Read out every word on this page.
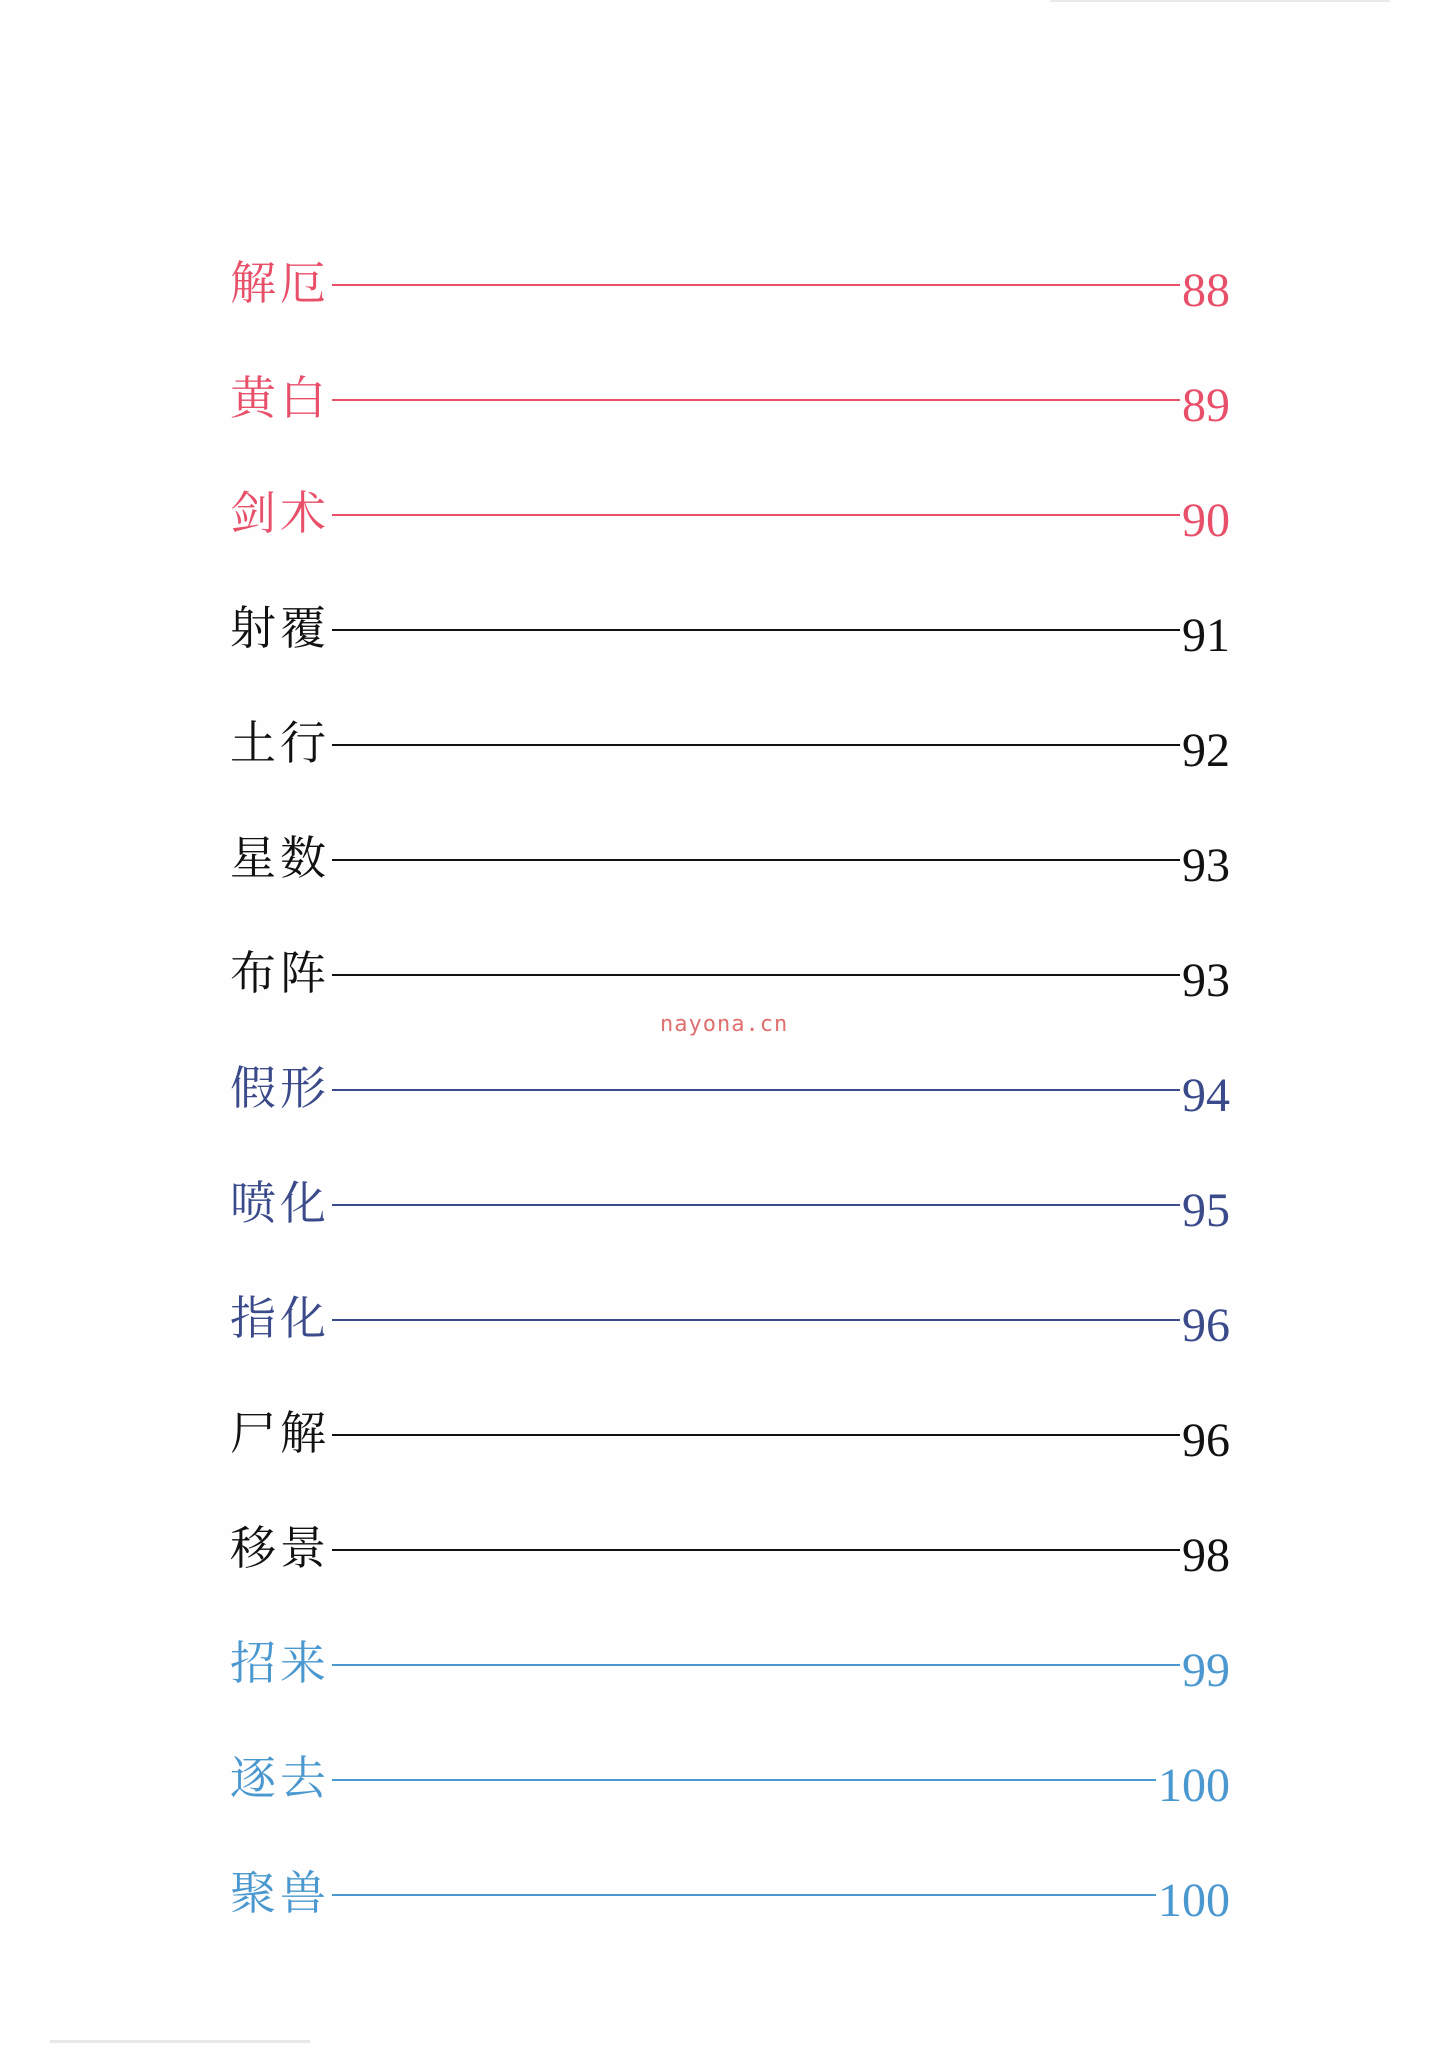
解厄	88
黄白	89
剑术	90
射覆	91
土行	92
星数	93
布阵	93
假形	94
喷化	95
指化	96
尸解	96
移景	98
招来	99
逐去	100
聚兽	100
nayona.cn
